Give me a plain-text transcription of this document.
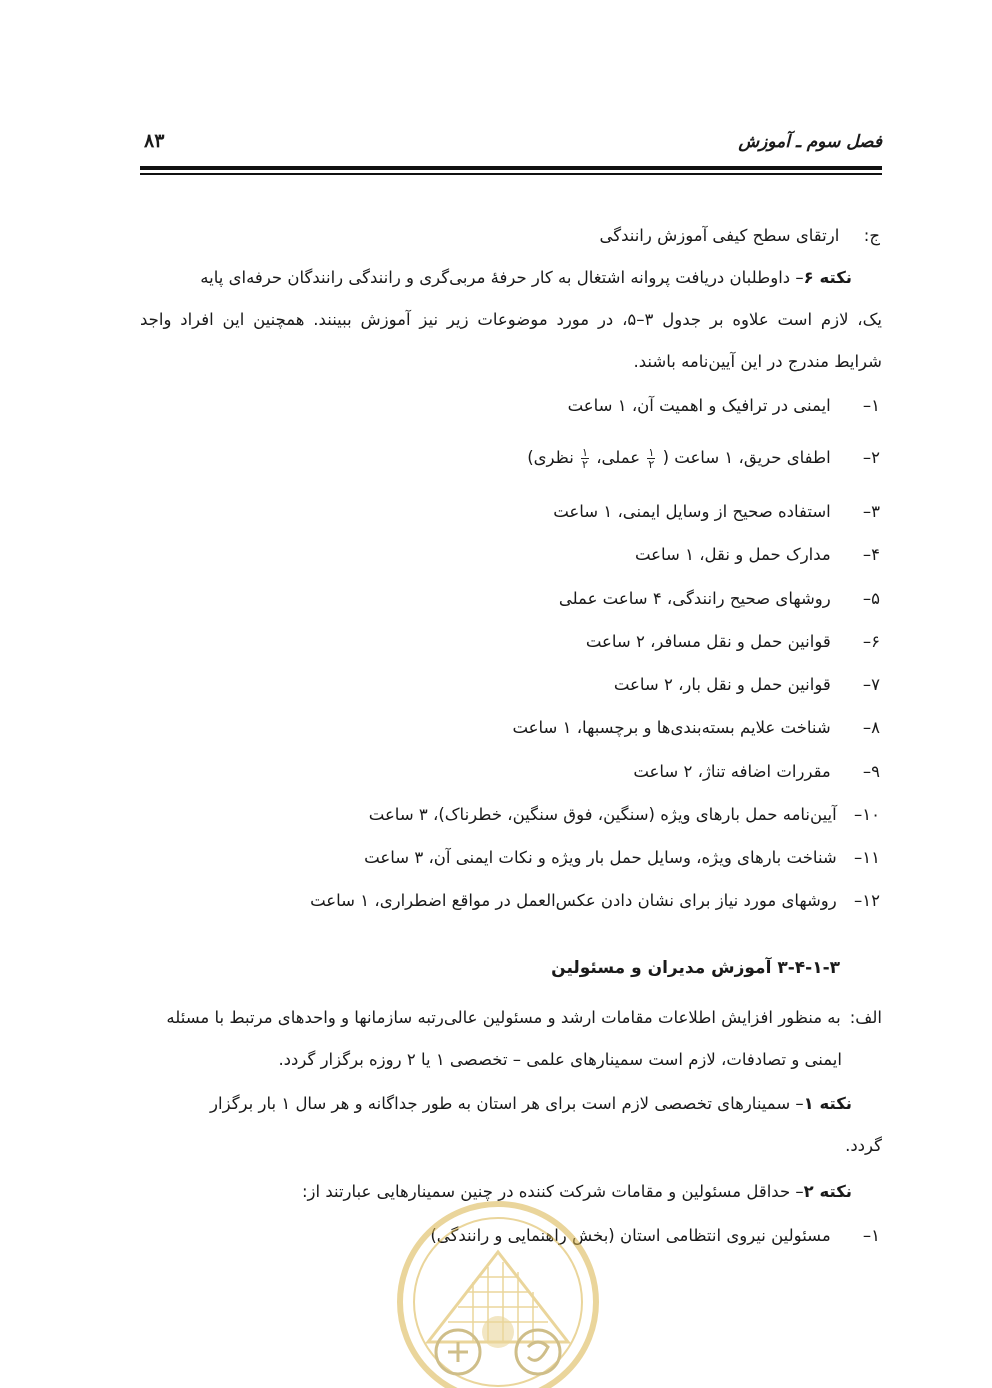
فصل سوم ـ آموزش
۸۳
ج:  ارتقای سطح کیفی آموزش رانندگی
نکته ۶– داوطلبان دریافت پروانه اشتغال به کار حرفهٔ مربی‌گری و رانندگی رانندگان حرفه‌ای پایه
یک، لازم است علاوه بر جدول ۳–۵، در مورد موضوعات زیر نیز آموزش ببینند. همچنین این افراد واجد
شرایط مندرج در این آیین‌نامه باشند.
۱– ایمنی در ترافیک و اهمیت آن، ۱ ساعت
۲– اطفای حریق، ۱ ساعت (
$\frac{۱}{۲}$
عملی،
$\frac{۱}{۲}$
نظری)
۳– استفاده صحیح از وسایل ایمنی، ۱ ساعت
۴– مدارک حمل و نقل، ۱ ساعت
۵– روشهای صحیح رانندگی، ۴ ساعت عملی
۶– قوانین حمل و نقل مسافر، ۲ ساعت
۷– قوانین حمل و نقل بار، ۲ ساعت
۸– شناخت علایم بسته‌بندی‌ها و برچسبها، ۱ ساعت
۹– مقررات اضافه تناژ، ۲ ساعت
۱۰– آیین‌نامه حمل بارهای ویژه (سنگین، فوق سنگین، خطرناک)، ۳ ساعت
۱۱– شناخت بارهای ویژه، وسایل حمل بار ویژه و نکات ایمنی آن، ۳ ساعت
۱۲– روشهای مورد نیاز برای نشان دادن عکس‌العمل در مواقع اضطراری، ۱ ساعت
۳-۴-۱-۳ آموزش مدیران و مسئولین
الف: به منظور افزایش اطلاعات مقامات ارشد و مسئولین عالی‌رتبه سازمانها و واحدهای مرتبط با مسئله
ایمنی و تصادفات، لازم است سمینارهای علمی – تخصصی ۱ یا ۲ روزه برگزار گردد.
نکته ۱– سمینارهای تخصصی لازم است برای هر استان به طور جداگانه و هر سال ۱ بار برگزار
گردد.
نکته ۲– حداقل مسئولین و مقامات شرکت کننده در چنین سمینارهایی عبارتند از:
۱– مسئولین نیروی انتظامی استان (بخش راهنمایی و رانندگی)
